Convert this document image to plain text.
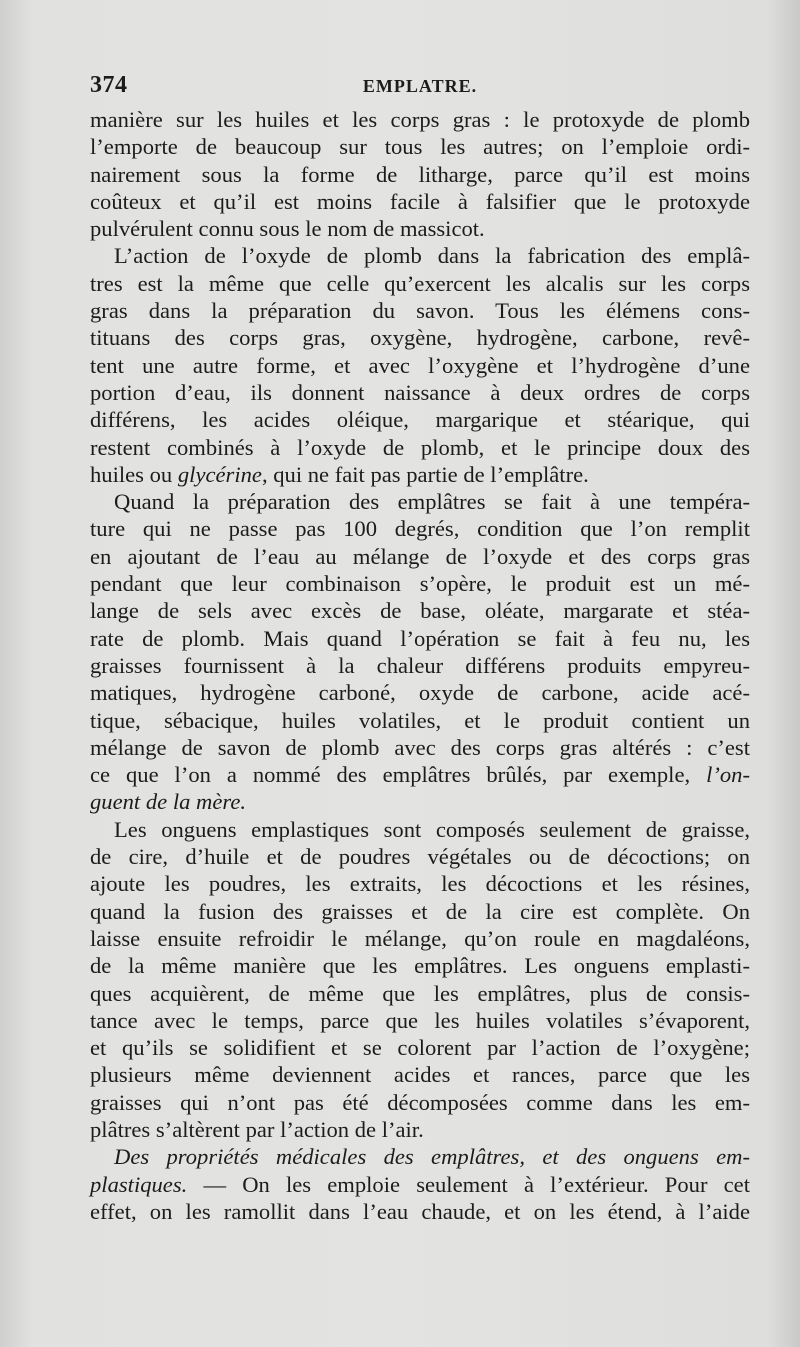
374	EMPLATRE.
manière sur les huiles et les corps gras : le protoxyde de plomb
l’emporte de beaucoup sur tous les autres; on l’emploie ordi-
nairement sous la forme de litharge, parce qu’il est moins
coûteux et qu’il est moins facile à falsifier que le protoxyde
pulvérulent connu sous le nom de massicot.
L’action de l’oxyde de plomb dans la fabrication des emplâ-
tres est la même que celle qu’exercent les alcalis sur les corps
gras dans la préparation du savon. Tous les élémens cons-
tituans des corps gras, oxygène, hydrogène, carbone, revê-
tent une autre forme, et avec l’oxygène et l’hydrogène d’une
portion d’eau, ils donnent naissance à deux ordres de corps
différens, les acides oléique, margarique et stéarique, qui
restent combinés à l’oxyde de plomb, et le principe doux des
huiles ou glycérine, qui ne fait pas partie de l’emplâtre.
Quand la préparation des emplâtres se fait à une tempéra-
ture qui ne passe pas 100 degrés, condition que l’on remplit
en ajoutant de l’eau au mélange de l’oxyde et des corps gras
pendant que leur combinaison s’opère, le produit est un mé-
lange de sels avec excès de base, oléate, margarate et stéa-
rate de plomb. Mais quand l’opération se fait à feu nu, les
graisses fournissent à la chaleur différens produits empyreu-
matiques, hydrogène carboné, oxyde de carbone, acide acé-
tique, sébacique, huiles volatiles, et le produit contient un
mélange de savon de plomb avec des corps gras altérés : c’est
ce que l’on a nommé des emplâtres brûlés, par exemple, l’on-
guent de la mère.
Les onguens emplastiques sont composés seulement de graisse,
de cire, d’huile et de poudres végétales ou de décoctions; on
ajoute les poudres, les extraits, les décoctions et les résines,
quand la fusion des graisses et de la cire est complète. On
laisse ensuite refroidir le mélange, qu’on roule en magdaléons,
de la même manière que les emplâtres. Les onguens emplasti-
ques acquièrent, de même que les emplâtres, plus de consis-
tance avec le temps, parce que les huiles volatiles s’évaporent,
et qu’ils se solidifient et se colorent par l’action de l’oxygène;
plusieurs même deviennent acides et rances, parce que les
graisses qui n’ont pas été décomposées comme dans les em-
plâtres s’altèrent par l’action de l’air.
Des propriétés médicales des emplâtres, et des onguens em-
plastiques. — On les emploie seulement à l’extérieur. Pour cet
effet, on les ramollit dans l’eau chaude, et on les étend, à l’aide
